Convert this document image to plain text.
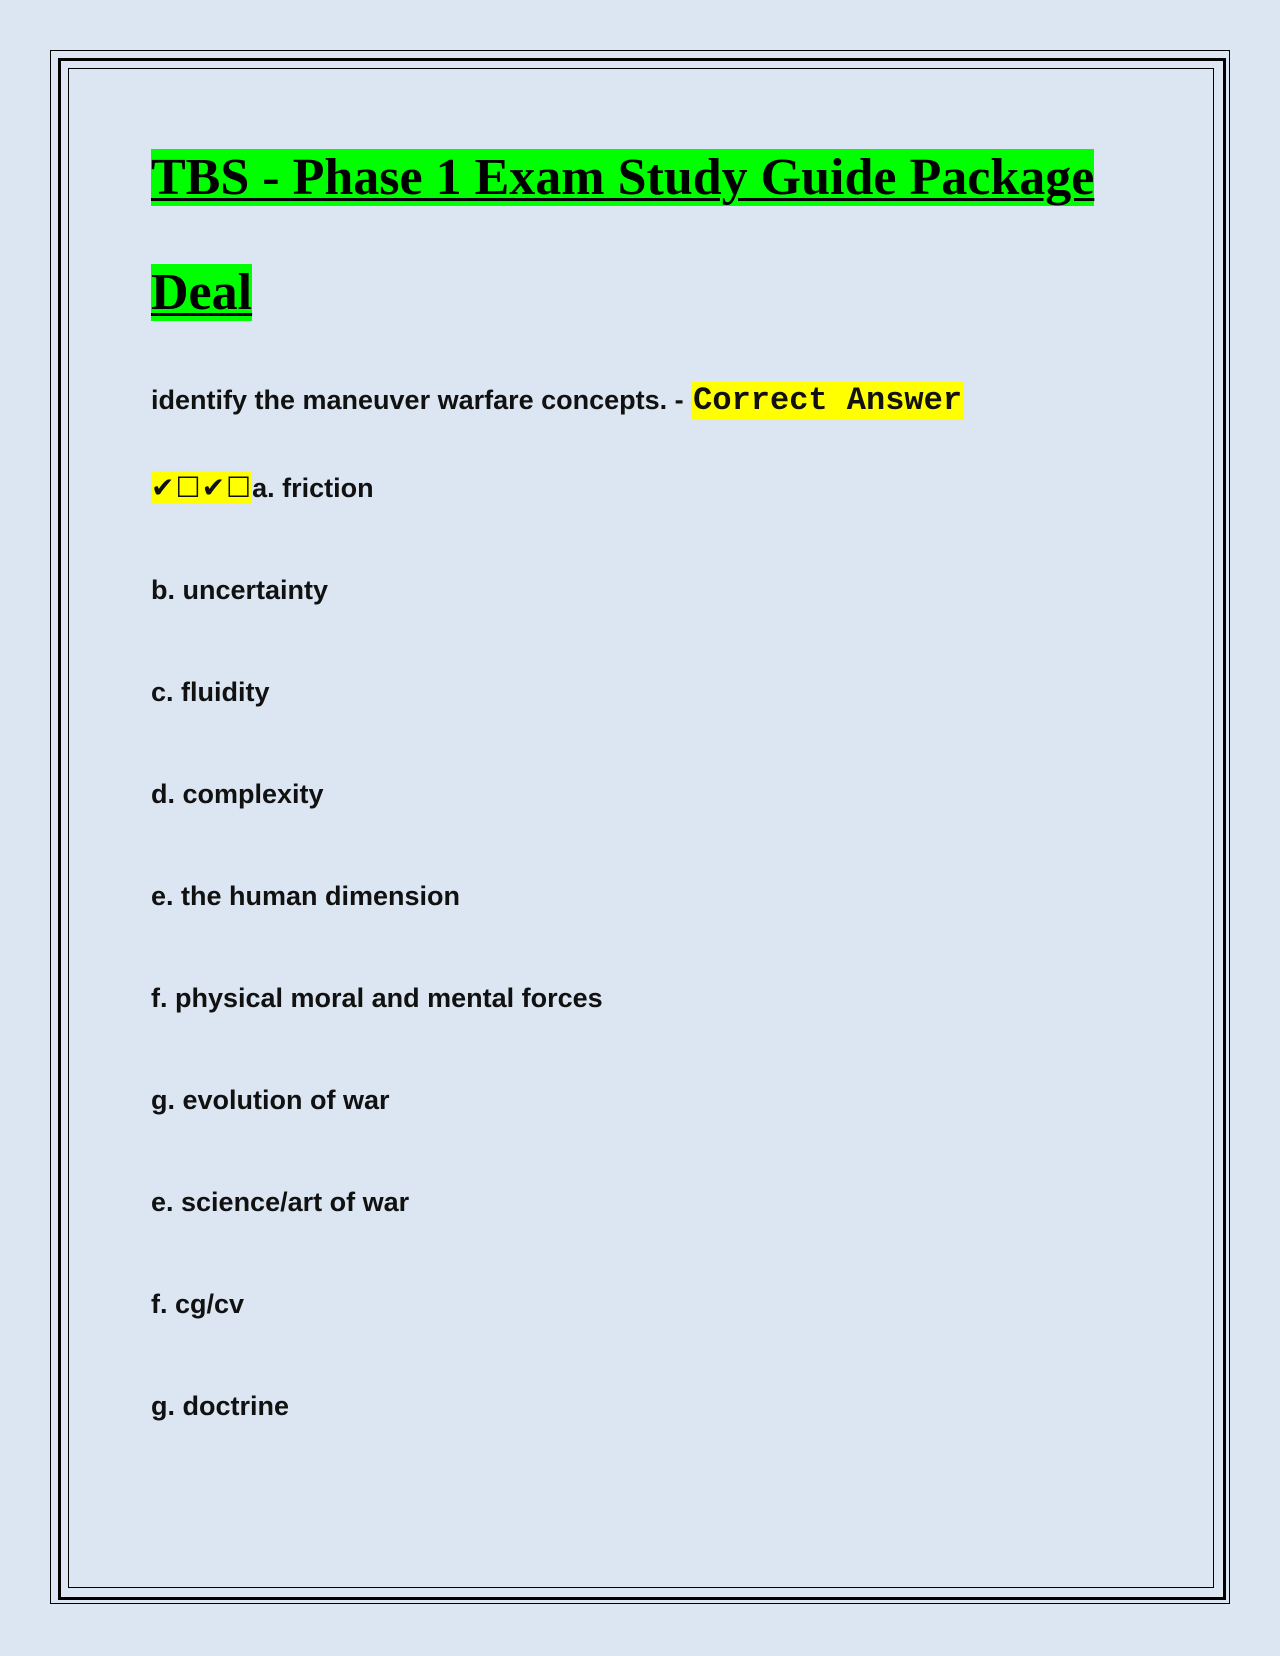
TBS - Phase 1 Exam Study Guide Package
Deal
identify the maneuver warfare concepts. - Correct Answer
✔☐✔☐a. friction
b. uncertainty
c. fluidity
d. complexity
e. the human dimension
f. physical moral and mental forces
g. evolution of war
e. science/art of war
f. cg/cv
g. doctrine
